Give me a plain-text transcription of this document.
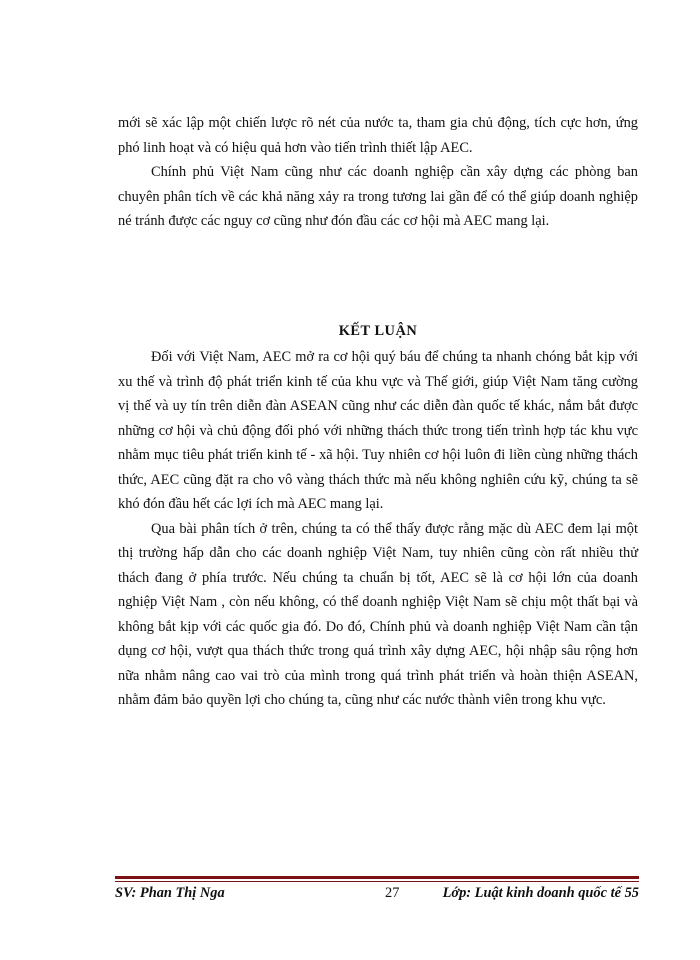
mới sẽ xác lập một chiến lược rõ nét của nước ta, tham gia chủ động, tích cực hơn, ứng phó linh hoạt và có hiệu quả hơn vào tiến trình thiết lập AEC.

Chính phủ Việt Nam cũng như các doanh nghiệp cần xây dựng các phòng ban chuyên phân tích về các khả năng xảy ra trong tương lai gần để có thể giúp doanh nghiệp né tránh được các nguy cơ cũng như đón đầu các cơ hội mà AEC mang lại.

KẾT LUẬN

Đối với Việt Nam, AEC mở ra cơ hội quý báu để chúng ta nhanh chóng bắt kịp với xu thế và trình độ phát triển kinh tế của khu vực và Thế giới, giúp Việt Nam tăng cường vị thế và uy tín trên diễn đàn ASEAN cũng như các diễn đàn quốc tế khác, nắm bắt được những cơ hội và chủ động đối phó với những thách thức trong tiến trình hợp tác khu vực nhằm mục tiêu phát triển kinh tế - xã hội. Tuy nhiên cơ hội luôn đi liền cùng những thách thức, AEC cũng đặt ra cho vô vàng thách thức mà nếu không nghiên cứu kỹ, chúng ta sẽ khó đón đầu hết các lợi ích mà AEC mang lại.

Qua bài phân tích ở trên, chúng ta có thể thấy được rằng mặc dù AEC đem lại một thị trường hấp dẫn cho các doanh nghiệp Việt Nam, tuy nhiên cũng còn rất nhiều thử thách đang ở phía trước. Nếu chúng ta chuẩn bị tốt, AEC sẽ là cơ hội lớn của doanh nghiệp Việt Nam , còn nếu không, có thể doanh nghiệp Việt Nam sẽ chịu một thất bại và không bắt kịp với các quốc gia đó. Do đó, Chính phủ và doanh nghiệp Việt Nam cần tận dụng cơ hội, vượt qua thách thức trong quá trình xây dựng AEC, hội nhập sâu rộng hơn nữa nhằm nâng cao vai trò của mình trong quá trình phát triển và hoàn thiện ASEAN, nhằm đảm bảo quyền lợi cho chúng ta, cũng như các nước thành viên trong khu vực.

SV: Phan Thị Nga	27	Lớp: Luật kinh doanh quốc tế 55
